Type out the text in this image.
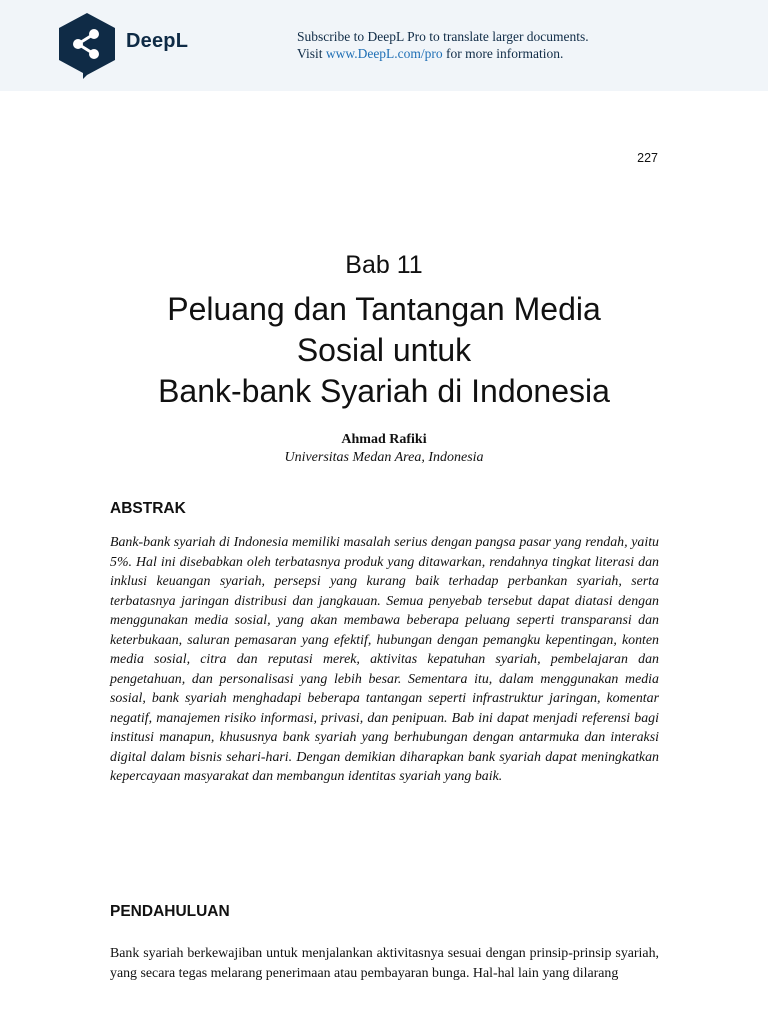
DeepL	Subscribe to DeepL Pro to translate larger documents.
Visit www.DeepL.com/pro for more information.
227
Bab 11
Peluang dan Tantangan Media
Sosial untuk
Bank-bank Syariah di Indonesia
Ahmad Rafiki
Universitas Medan Area, Indonesia
ABSTRAK

Bank-bank syariah di Indonesia memiliki masalah serius dengan pangsa pasar yang rendah, yaitu 5%. Hal ini disebabkan oleh terbatasnya produk yang ditawarkan, rendahnya tingkat literasi dan inklusi keuangan syariah, persepsi yang kurang baik terhadap perbankan syariah, serta terbatasnya jaringan distribusi dan jangkauan. Semua penyebab tersebut dapat diatasi dengan menggunakan media sosial, yang akan membawa beberapa peluang seperti transparansi dan keterbukaan, saluran pemasaran yang efektif, hubungan dengan pemangku kepentingan, konten media sosial, citra dan reputasi merek, aktivitas kepatuhan syariah, pembelajaran dan pengetahuan, dan personalisasi yang lebih besar. Sementara itu, dalam menggunakan media sosial, bank syariah menghadapi beberapa tantangan seperti infrastruktur jaringan, komentar negatif, manajemen risiko informasi, privasi, dan penipuan. Bab ini dapat menjadi referensi bagi institusi manapun, khususnya bank syariah yang berhubungan dengan antarmuka dan interaksi digital dalam bisnis sehari-hari. Dengan demikian diharapkan bank syariah dapat meningkatkan kepercayaan masyarakat dan membangun identitas syariah yang baik.

PENDAHULUAN

Bank syariah berkewajiban untuk menjalankan aktivitasnya sesuai dengan prinsip-prinsip syariah, yang secara tegas melarang penerimaan atau pembayaran bunga. Hal-hal lain yang dilarang
